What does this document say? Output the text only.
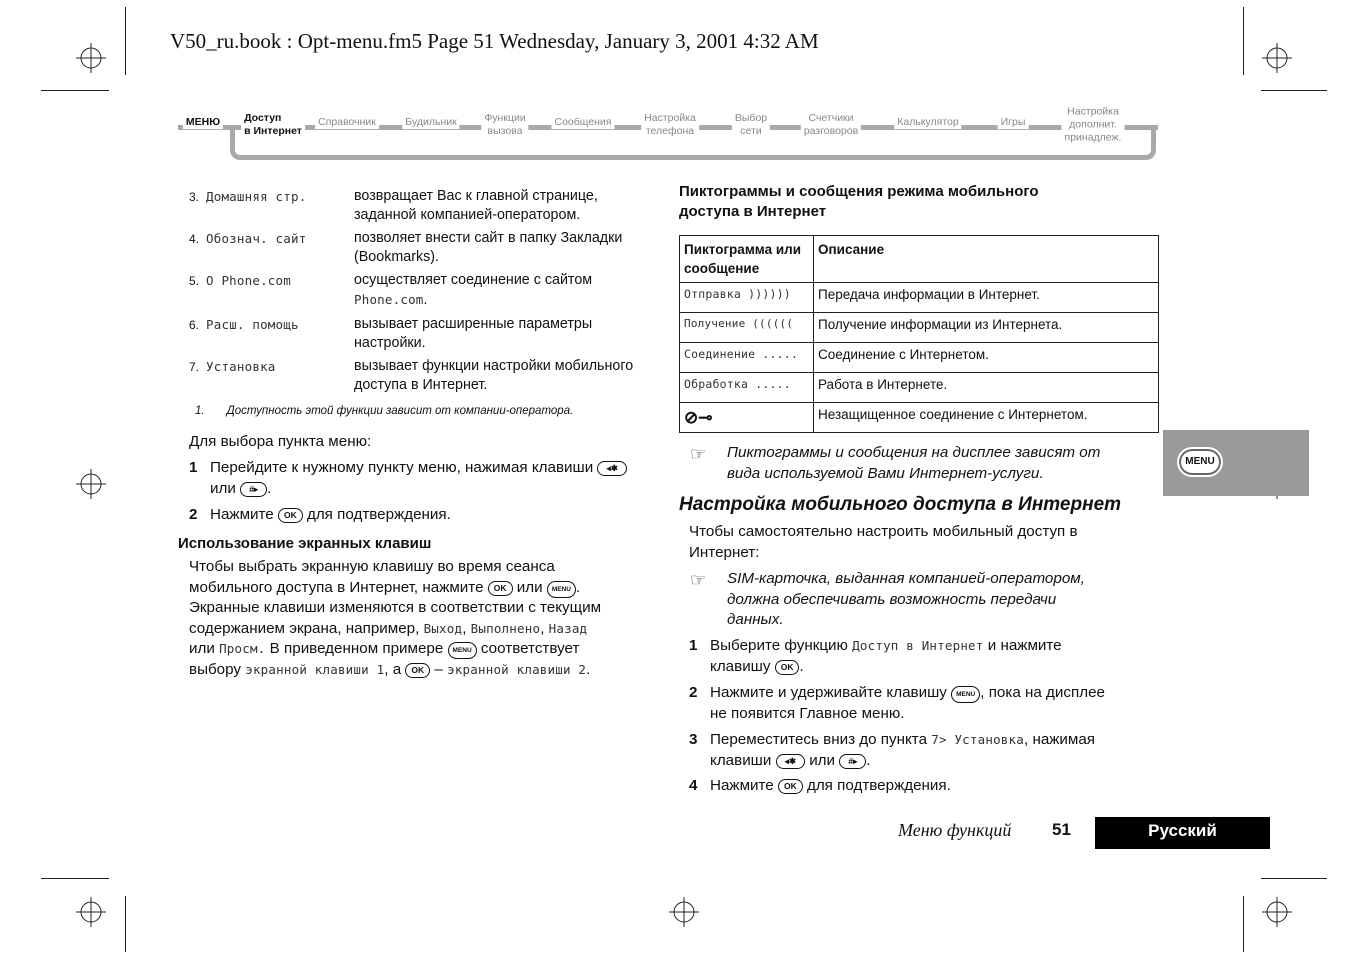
V50_ru.book : Opt-menu.fm5 Page 51 Wednesday, January 3, 2001 4:32 AM
МЕНЮ Доступ
в Интернет
Справочник	Будильник	Функции
вызова
Сообщения	Настройка
телефона
Выбор
сети
Счетчики
разговоров
Калькулятор	Игры
Настройка
дополнит.
принадлеж.
3. Домашняя стр.	возвращает Вас к главной странице, заданной компанией-оператором.
4. Обознач. сайт	позволяет внести сайт в папку Закладки (Bookmarks).
5. О Phone.com	осуществляет соединение с сайтом
Phone.com.
6. Расш. помощь	вызывает расширенные параметры настройки.
7. Установка	вызывает функции настройки мобильного доступа в Интернет.
1. Доступность этой функции зависит от компании-оператора.
Для выбора пункта меню:
1 Перейдите к нужному пункту меню, нажимая клавиши ◂✱
или #▸ .
2 Нажмите OK для подтверждения.
Использование экранных клавиш
Чтобы выбрать экранную клавишу во время сеанса
мобильного доступа в Интернет, нажмите OK или MENU .
Экранные клавиши изменяются в соответствии с текущим
содержанием экрана, например, Выход, Выполнено, Назад
или Просм. В приведенном примере MENU соответствует
выбору экранной клавиши 1, а OK – экранной клавиши 2.
Пиктограммы и сообщения режима мобильного
доступа в Интернет
Пиктограмма или сообщение	Описание
Отправка ))))))	Передача информации в Интернет.
Получение ((((((	Получение информации из Интернета.
Соединение .....	Соединение с Интернетом.
Обработка .....	Работа в Интернете.
⊘⊸	Незащищенное соединение с Интернетом.
☞ Пиктограммы и сообщения на дисплее зависят от
вида используемой Вами Интернет-услуги.
Настройка мобильного доступа в Интернет
Чтобы самостоятельно настроить мобильный доступ в
Интернет:
☞ SIM-карточка, выданная компанией-оператором,
должна обеспечивать возможность передачи
данных.
1 Выберите функцию Доступ в Интернет и нажмите
клавишу OK .
2 Нажмите и удерживайте клавишу MENU , пока на дисплее
не появится Главное меню.
3 Переместитесь вниз до пункта 7> Установка, нажимая
клавиши ◂✱ или #▸ .
4 Нажмите OK для подтверждения.
MENU
Меню функций 51	Русский
